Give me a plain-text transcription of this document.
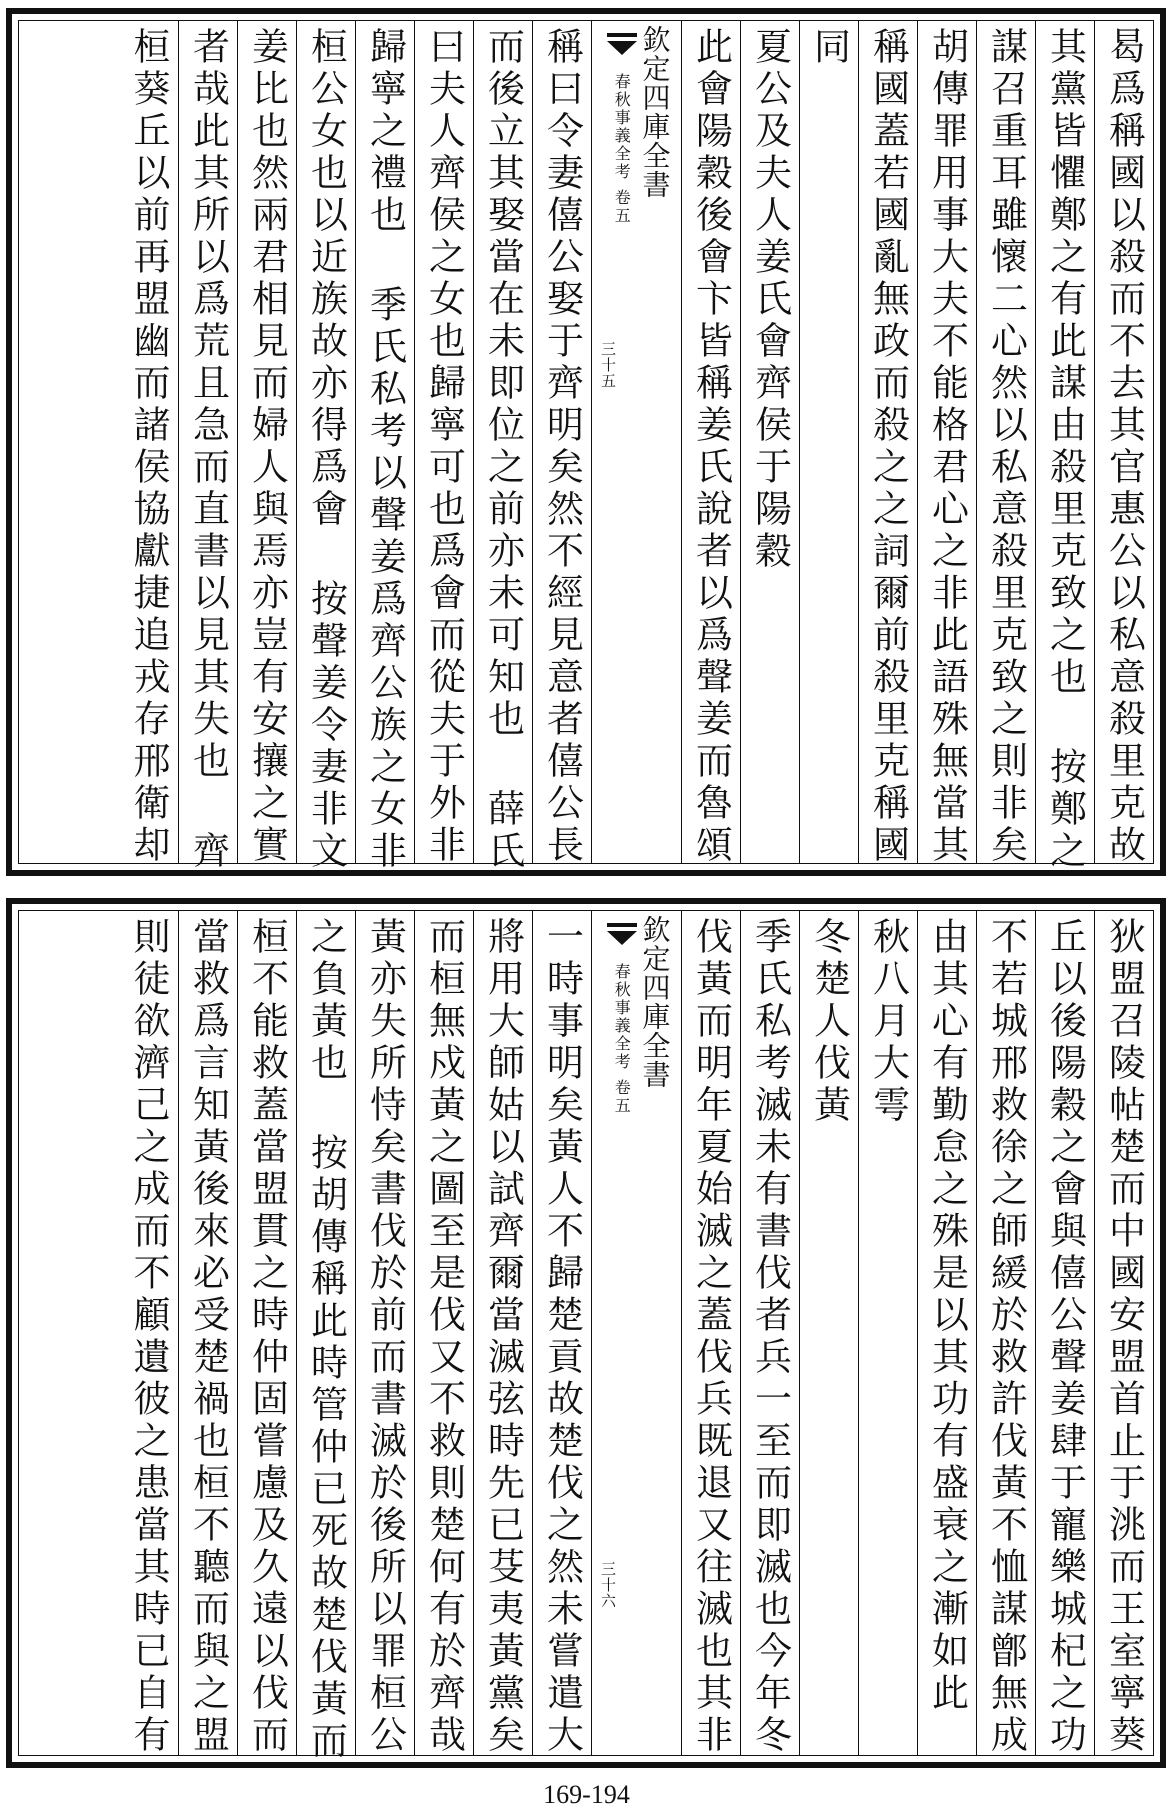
曷爲稱國以殺而不去其官惠公以私意殺里克故
其黨皆懼鄭之有此謀由殺里克致之也 按鄭之
謀召重耳雖懷二心然以私意殺里克致之則非矣
胡傳罪用事大夫不能格君心之非此語殊無當其
稱國蓋若國亂無政而殺之之詞爾前殺里克稱國
同
夏公及夫人姜氏會齊侯于陽穀
此會陽穀後會卞皆稱姜氏說者以爲聲姜而魯頌
欽定四庫全書
春秋事義全考
卷五
三十五
稱曰令妻僖公娶于齊明矣然不經見意者僖公長
而後立其娶當在未即位之前亦未可知也 薛氏
曰夫人齊侯之女也歸寧可也爲會而從夫于外非
歸寧之禮也 季氏私考以聲姜爲齊公族之女非
桓公女也以近族故亦得爲會 按聲姜令妻非文
姜比也然兩君相見而婦人與焉亦豈有安攘之實
者哉此其所以爲荒且急而直書以見其失也 齊
桓葵丘以前再盟幽而諸侯協獻捷追戎存邢衛却
狄盟召陵帖楚而中國安盟首止于洮而王室寧葵
丘以後陽穀之會與僖公聲姜肆于寵樂城杞之功
不若城邢救徐之師緩於救許伐黃不恤謀鄫無成
由其心有勤怠之殊是以其功有盛衰之漸如此
秋八月大雩
冬楚人伐黃
季氏私考滅未有書伐者兵一至而即滅也今年冬
伐黃而明年夏始滅之蓋伐兵既退又往滅也其非
欽定四庫全書
春秋事義全考
卷五
三十六
一時事明矣黃人不歸楚貢故楚伐之然未嘗遣大
將用大師姑以試齊爾當滅弦時先已芟夷黃黨矣
而桓無戍黃之圖至是伐又不救則楚何有於齊哉
黃亦失所恃矣書伐於前而書滅於後所以罪桓公
之負黃也 按胡傳稱此時管仲已死故楚伐黃而
桓不能救蓋當盟貫之時仲固嘗慮及久遠以伐而
當救爲言知黃後來必受楚禍也桓不聽而與之盟
則徒欲濟己之成而不顧遺彼之患當其時已自有
169-194
